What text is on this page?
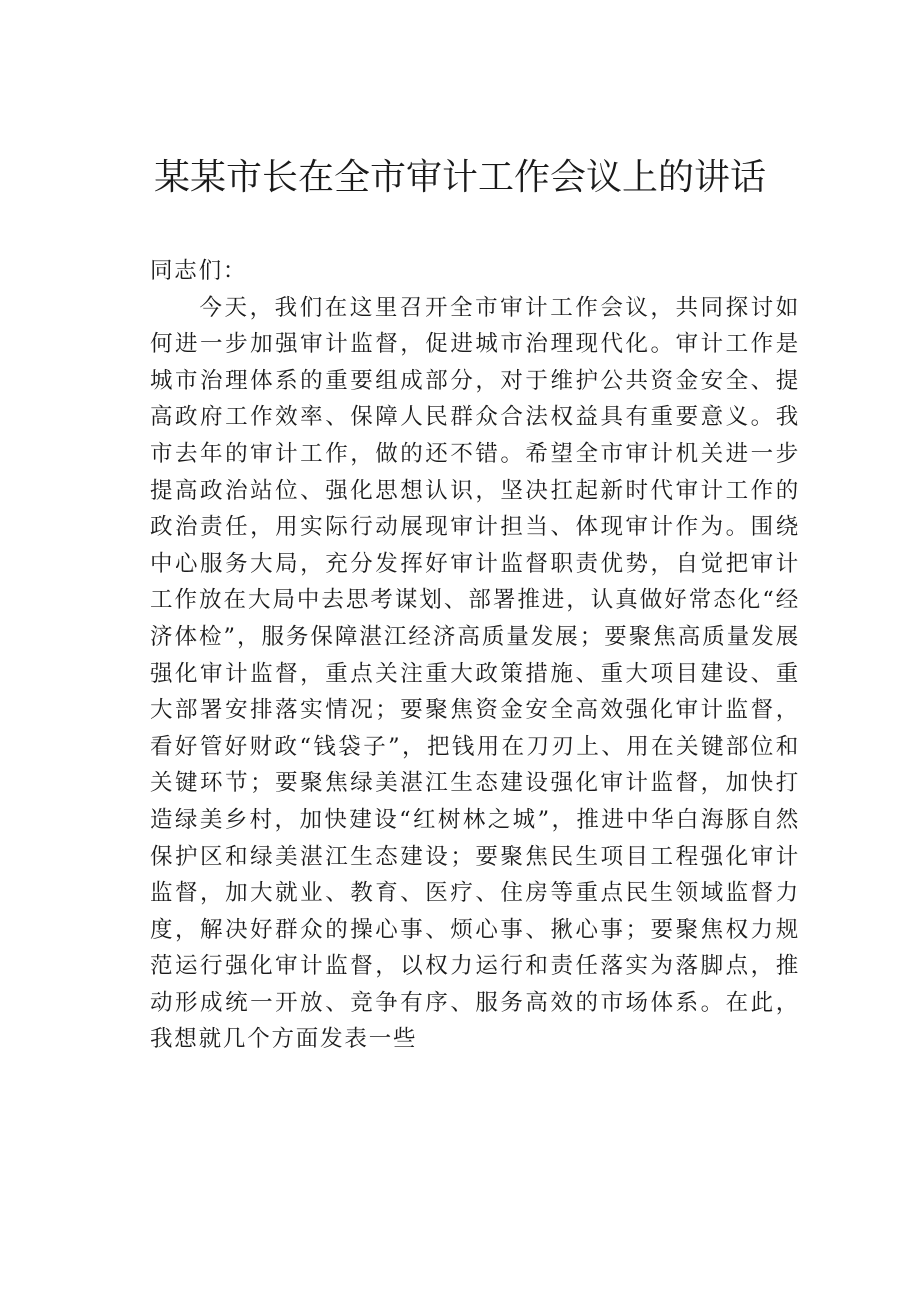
某某市长在全市审计工作会议上的讲话

同志们：

今天，我们在这里召开全市审计工作会议，共同探讨如何进一步加强审计监督，促进城市治理现代化。审计工作是城市治理体系的重要组成部分，对于维护公共资金安全、提高政府工作效率、保障人民群众合法权益具有重要意义。我市去年的审计工作，做的还不错。希望全市审计机关进一步提高政治站位、强化思想认识，坚决扛起新时代审计工作的政治责任，用实际行动展现审计担当、体现审计作为。围绕中心服务大局，充分发挥好审计监督职责优势，自觉把审计工作放在大局中去思考谋划、部署推进，认真做好常态化“经济体检”，服务保障湛江经济高质量发展；要聚焦高质量发展强化审计监督，重点关注重大政策措施、重大项目建设、重大部署安排落实情况；要聚焦资金安全高效强化审计监督，看好管好财政“钱袋子”，把钱用在刀刃上、用在关键部位和关键环节；要聚焦绿美湛江生态建设强化审计监督，加快打造绿美乡村，加快建设“红树林之城”，推进中华白海豚自然保护区和绿美湛江生态建设；要聚焦民生项目工程强化审计监督，加大就业、教育、医疗、住房等重点民生领域监督力度，解决好群众的操心事、烦心事、揪心事；要聚焦权力规范运行强化审计监督，以权力运行和责任落实为落脚点，推动形成统一开放、竞争有序、服务高效的市场体系。在此，我想就几个方面发表一些
